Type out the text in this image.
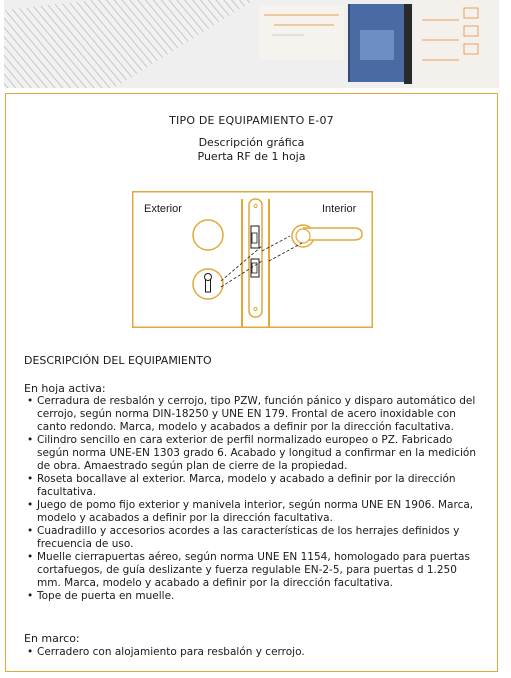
TIPO DE EQUIPAMIENTO E-07
Descripción gráfica
Puerta RF de 1 hoja
Exterior	Interior
DESCRIPCIÓN DEL EQUIPAMIENTO
En hoja activa:
• Cerradura de resbalón y cerrojo, tipo PZW, función pánico y disparo automático del cerrojo, según norma DIN-18250 y UNE EN 179. Frontal de acero inoxidable con canto redondo. Marca, modelo y acabados a definir por la dirección facultativa.
• Cilindro sencillo en cara exterior de perfil normalizado europeo o PZ. Fabricado según norma UNE-EN 1303 grado 6. Acabado y longitud a confirmar en la medición de obra. Amaestrado según plan de cierre de la propiedad.
• Roseta bocallave al exterior. Marca, modelo y acabado a definir por la dirección facultativa.
• Juego de pomo fijo exterior y manivela interior, según norma UNE EN 1906. Marca, modelo y acabados a definir por la dirección facultativa.
• Cuadradillo y accesorios acordes a las características de los herrajes definidos y frecuencia de uso.
• Muelle cierrapuertas aéreo, según norma UNE EN 1154, homologado para puertas cortafuegos, de guía deslizante y fuerza regulable EN-2-5, para puertas d 1.250 mm. Marca, modelo y acabado a definir por la dirección facultativa.
• Tope de puerta en muelle.
En marco:
• Cerradero con alojamiento para resbalón y cerrojo.
